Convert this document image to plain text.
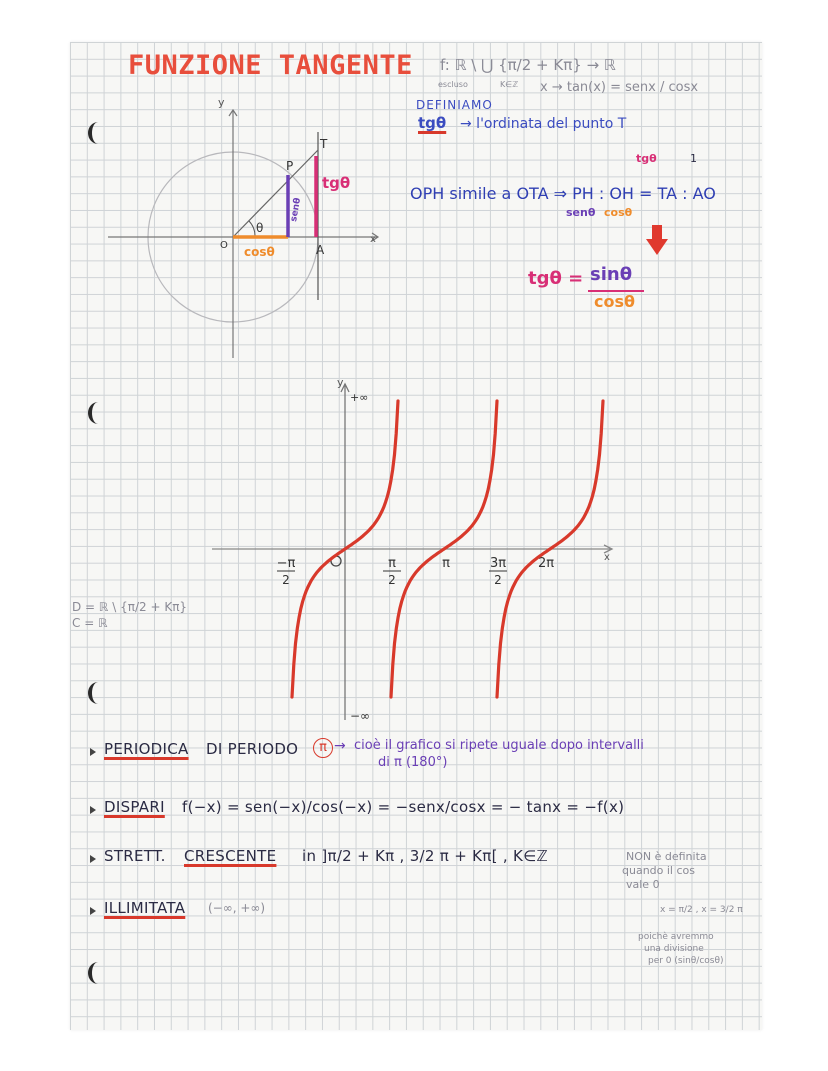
FUNZIONE TANGENTE f: ℝ \ ⋃ {π/2 + Kπ} → ℝ
escluso	K∈ℤ x → tan(x) = senx / cosx
DEFINIAMO
tgθ → l'ordinata del punto T
tgθ	1
OPH simile a OTA ⇒ PH : OH = TA : AO
senθ cosθ
tgθ = sinθ
cosθ
y
x
O	A
P
T
θ
tgθ
senθ
cosθ
D = ℝ \ {π/2 + Kπ}
C = ℝ
y
x
+∞
−∞
−π
2
π
2
π	3π
2
2π
PERIODICA DI PERIODO	π → cioè il grafico si ripete uguale dopo intervalli
di π (180°)
DISPARI f(−x) = sen(−x)/cos(−x) = −senx/cosx = − tanx = −f(x)
STRETT. CRESCENTE in ]π/2 + Kπ , 3/2 π + Kπ[ , K∈ℤ
ILLIMITATA (−∞, +∞)
NON è definita
quando il cos
vale 0
x = π/2 , x = 3/2 π
poichè avremmo
una divisione
per 0 (sinθ/cosθ)
